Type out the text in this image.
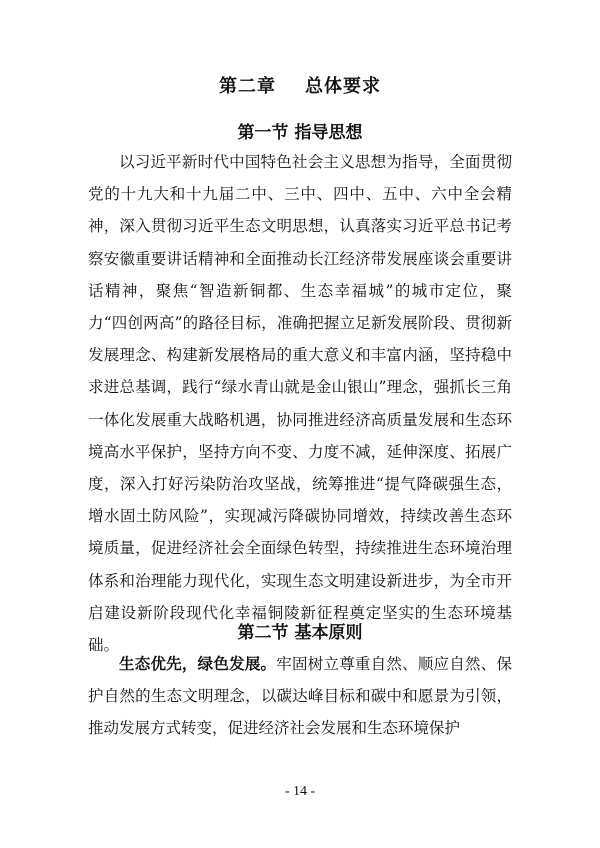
第二章    总体要求
第一节 指导思想

以习近平新时代中国特色社会主义思想为指导，全面贯彻党的十九大和十九届二中、三中、四中、五中、六中全会精神，深入贯彻习近平生态文明思想，认真落实习近平总书记考察安徽重要讲话精神和全面推动长江经济带发展座谈会重要讲话精神，聚焦“智造新铜都、生态幸福城”的城市定位，聚力“四创两高”的路径目标，准确把握立足新发展阶段、贯彻新发展理念、构建新发展格局的重大意义和丰富内涵，坚持稳中求进总基调，践行“绿水青山就是金山银山”理念，强抓长三角一体化发展重大战略机遇，协同推进经济高质量发展和生态环境高水平保护，坚持方向不变、力度不减，延伸深度、拓展广度，深入打好污染防治攻坚战，统筹推进“提气降碳强生态，增水固土防风险”，实现减污降碳协同增效，持续改善生态环境质量，促进经济社会全面绿色转型，持续推进生态环境治理体系和治理能力现代化，实现生态文明建设新进步，为全市开启建设新阶段现代化幸福铜陵新征程奠定坚实的生态环境基础。

第二节 基本原则

生态优先，绿色发展。牢固树立尊重自然、顺应自然、保护自然的生态文明理念，以碳达峰目标和碳中和愿景为引领，推动发展方式转变，促进经济社会发展和生态环境保护

- 14 -
